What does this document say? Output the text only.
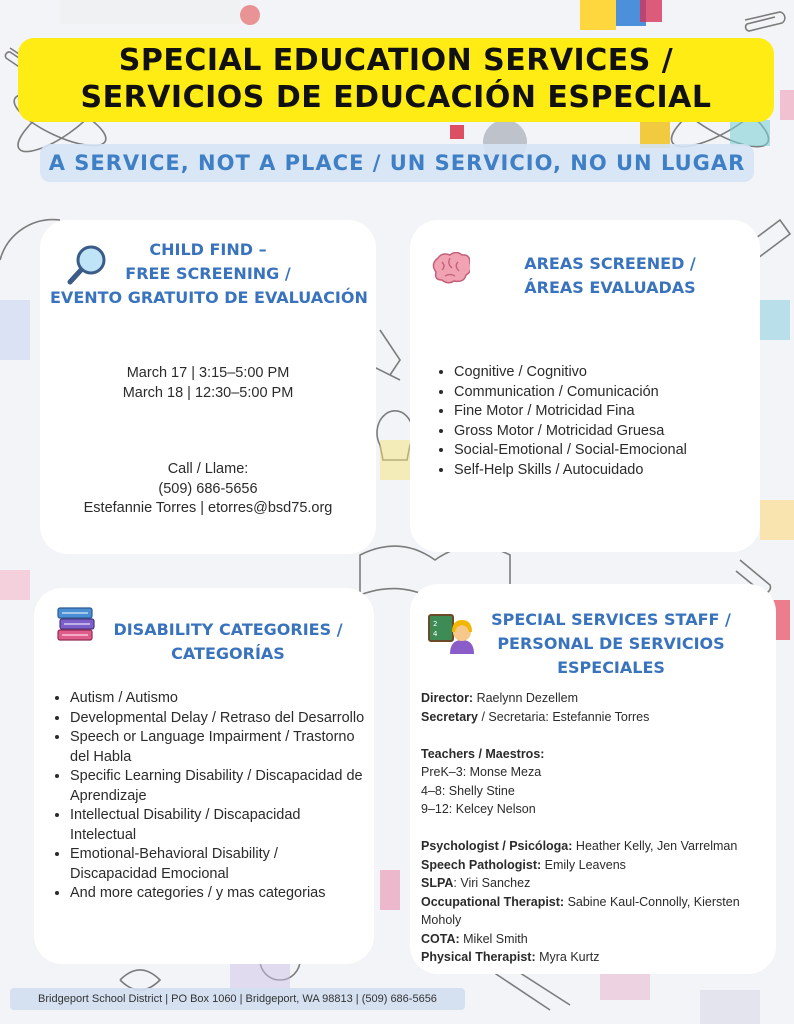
SPECIAL EDUCATION SERVICES /
SERVICIOS DE EDUCACIÓN ESPECIAL
A SERVICE, NOT A PLACE / UN SERVICIO, NO UN LUGAR
CHILD FIND –
FREE SCREENING /
EVENTO GRATUITO DE EVALUACIÓN
March 17 | 3:15–5:00 PM
March 18 | 12:30–5:00 PM
Call / Llame:
(509) 686-5656
Estefannie Torres | etorres@bsd75.org
AREAS SCREENED /
ÁREAS EVALUADAS
• Cognitive / Cognitivo
• Communication / Comunicación
• Fine Motor / Motricidad Fina
• Gross Motor / Motricidad Gruesa
• Social-Emotional / Social-Emocional
• Self-Help Skills / Autocuidado
DISABILITY CATEGORIES /
CATEGORÍAS
• Autism / Autismo
• Developmental Delay / Retraso del Desarrollo
• Speech or Language Impairment / Trastorno del Habla
• Specific Learning Disability / Discapacidad de Aprendizaje
• Intellectual Disability / Discapacidad Intelectual
• Emotional-Behavioral Disability / Discapacidad Emocional
• And more categories / y mas categorias
2
4
SPECIAL SERVICES STAFF /
PERSONAL DE SERVICIOS
ESPECIALES

Director: Raelynn Dezellem

Secretary / Secretaria: Estefannie Torres

Teachers / Maestros:

PreK–3: Monse Meza

4–8: Shelly Stine

9–12: Kelcey Nelson

Psychologist / Psicóloga: Heather Kelly, Jen Varrelman

Speech Pathologist: Emily Leavens

SLPA: Viri Sanchez

Occupational Therapist: Sabine Kaul-Connolly, Kiersten Moholy

COTA: Mikel Smith

Physical Therapist: Myra Kurtz

Bridgeport School District | PO Box 1060 | Bridgeport, WA 98813 | (509) 686-5656
